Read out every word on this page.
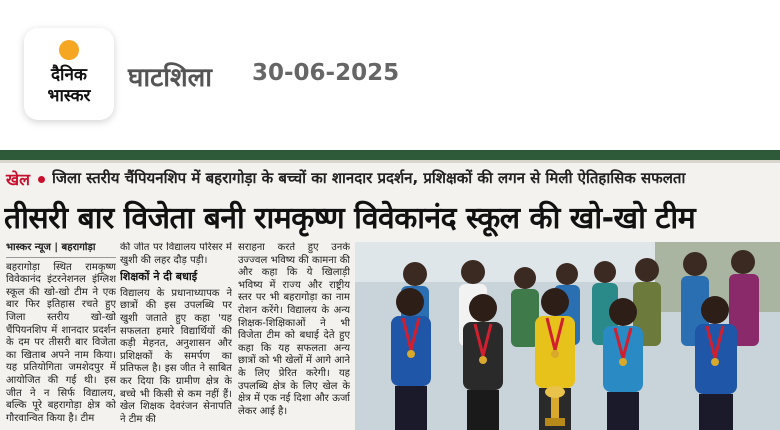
दैनिक
भास्कर
घाटशिला 30-06-2025
खेल जिला स्तरीय चैंपियनशिप में बहरागोड़ा के बच्चों का शानदार प्रदर्शन, प्रशिक्षकों की लगन से मिली ऐतिहासिक सफलता
तीसरी बार विजेता बनी रामकृष्ण विवेकानंद स्कूल की खो-खो टीम
भास्कर न्यूज | बहरागोड़ा

बहरागोड़ा स्थित रामकृष्ण विवेकानंद इंटरनेशनल इंग्लिश स्कूल की खो-खो टीम ने एक बार फिर इतिहास रचते हुए जिला स्तरीय खो-खो चैंपियनशिप में शानदार प्रदर्शन के दम पर तीसरी बार विजेता का खिताब अपने नाम किया। यह प्रतियोगिता जमशेदपुर में आयोजित की गई थी। इस जीत ने न सिर्फ विद्यालय, बल्कि पूरे बहरागोड़ा क्षेत्र को गौरवान्वित किया है। टीम

की जीत पर विद्यालय परिसर में खुशी की लहर दौड़ पड़ी।

शिक्षकों ने दी बधाई

विद्यालय के प्रधानाध्यापक ने छात्रों की इस उपलब्धि पर खुशी जताते हुए कहा 'यह सफलता हमारे विद्यार्थियों की कड़ी मेहनत, अनुशासन और प्रशिक्षकों के समर्पण का प्रतिफल है। इस जीत ने साबित कर दिया कि ग्रामीण क्षेत्र के बच्चे भी किसी से कम नहीं हैं। खेल शिक्षक देवरंजन सेनापति ने टीम की

सराहना करते हुए उनके उज्ज्वल भविष्य की कामना की और कहा कि ये खिलाड़ी भविष्य में राज्य और राष्ट्रीय स्तर पर भी बहरागोड़ा का नाम रोशन करेंगे। विद्यालय के अन्य शिक्षक-शिक्षिकाओं ने भी विजेता टीम को बधाई देते हुए कहा कि यह सफलता अन्य छात्रों को भी खेलों में आगे आने के लिए प्रेरित करेगी। यह उपलब्धि क्षेत्र के लिए खेल के क्षेत्र में एक नई दिशा और ऊर्जा लेकर आई है।
